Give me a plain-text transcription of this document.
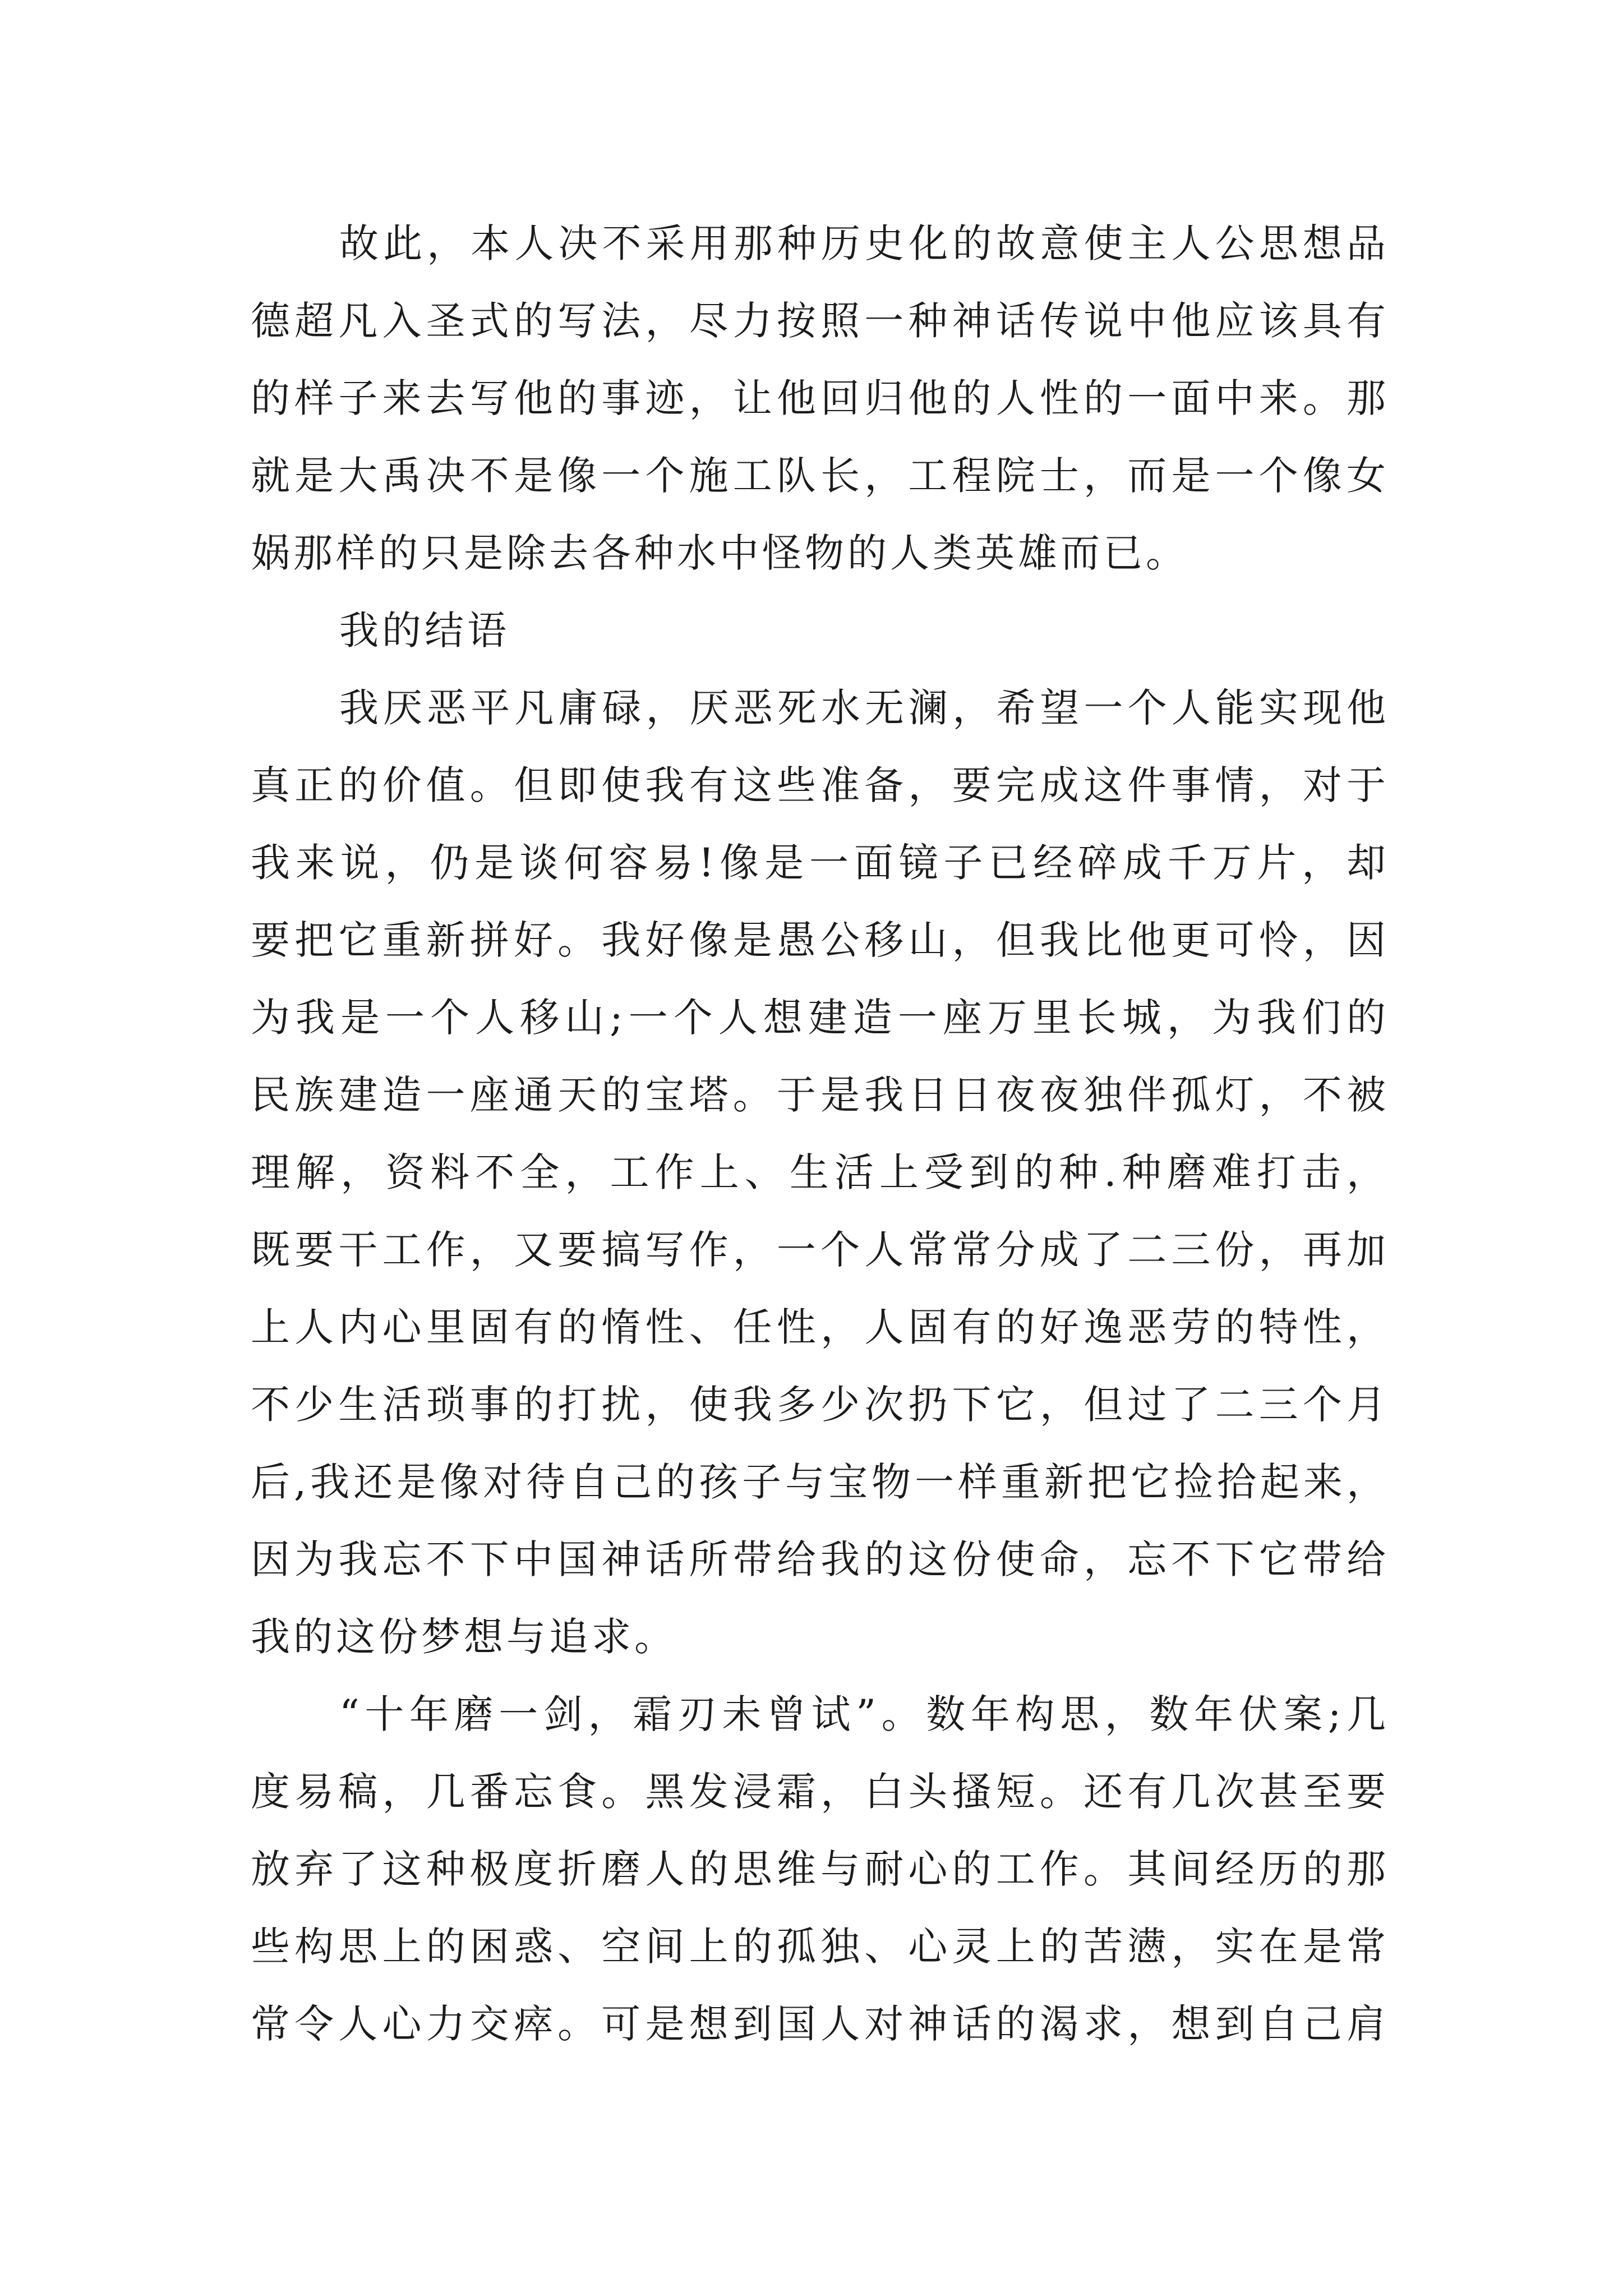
故此，本人决不采用那种历史化的故意使主人公思想品
德超凡入圣式的写法，尽力按照一种神话传说中他应该具有
的样子来去写他的事迹，让他回归他的人性的一面中来。那
就是大禹决不是像一个施工队长，工程院士，而是一个像女
娲那样的只是除去各种水中怪物的人类英雄而已。
我的结语
我厌恶平凡庸碌，厌恶死水无澜，希望一个人能实现他
真正的价值。但即使我有这些准备，要完成这件事情，对于
我来说，仍是谈何容易!像是一面镜子已经碎成千万片，却
要把它重新拼好。我好像是愚公移山，但我比他更可怜，因
为我是一个人移山;一个人想建造一座万里长城，为我们的
民族建造一座通天的宝塔。于是我日日夜夜独伴孤灯，不被
理解，资料不全，工作上、生活上受到的种.种磨难打击，
既要干工作，又要搞写作，一个人常常分成了二三份，再加
上人内心里固有的惰性、任性，人固有的好逸恶劳的特性，
不少生活琐事的打扰，使我多少次扔下它，但过了二三个月
后,我还是像对待自己的孩子与宝物一样重新把它捡拾起来，
因为我忘不下中国神话所带给我的这份使命，忘不下它带给
我的这份梦想与追求。
“十年磨一剑，霜刃未曾试”。数年构思，数年伏案;几
度易稿，几番忘食。黑发浸霜，白头搔短。还有几次甚至要
放弃了这种极度折磨人的思维与耐心的工作。其间经历的那
些构思上的困惑、空间上的孤独、心灵上的苦懑，实在是常
常令人心力交瘁。可是想到国人对神话的渴求，想到自己肩
